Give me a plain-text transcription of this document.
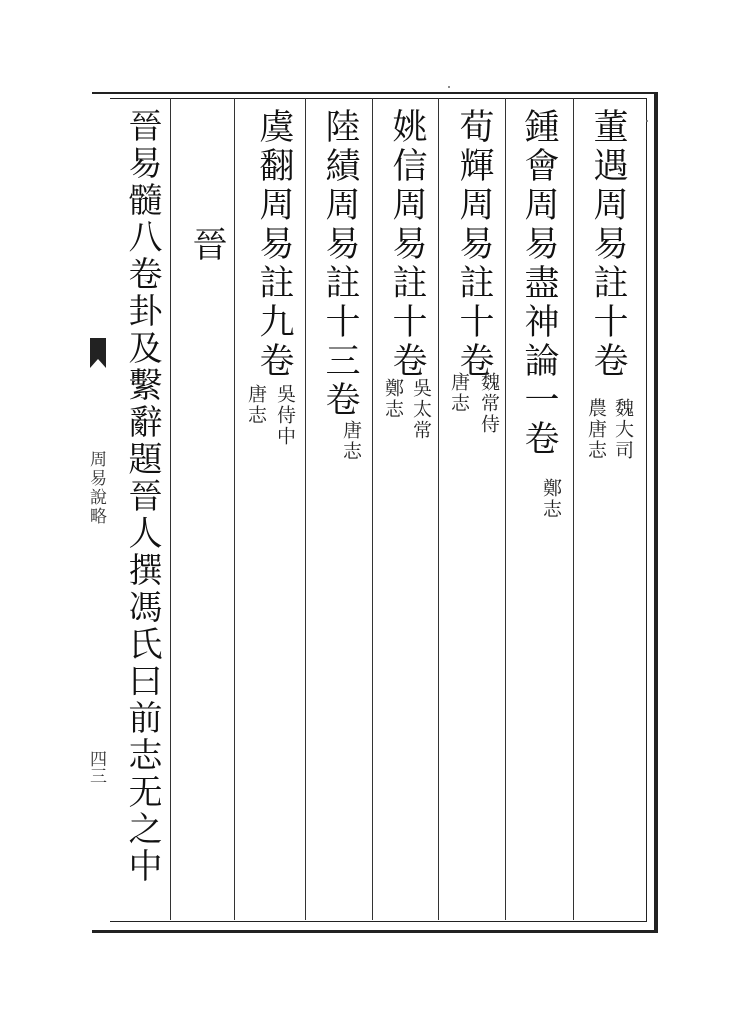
周易說略
四三
董遇周易註十卷
魏大司
農唐志
鍾會周易盡神論一卷
鄭志
荀輝周易註十卷
魏常侍
唐志
姚信周易註十卷
吳太常
鄭志
陸績周易註十三卷
唐志
虞翻周易註九卷
吳侍中
唐志
晉
晉易髓八卷卦及繫辭題晉人撰馮氏曰前志无之中
